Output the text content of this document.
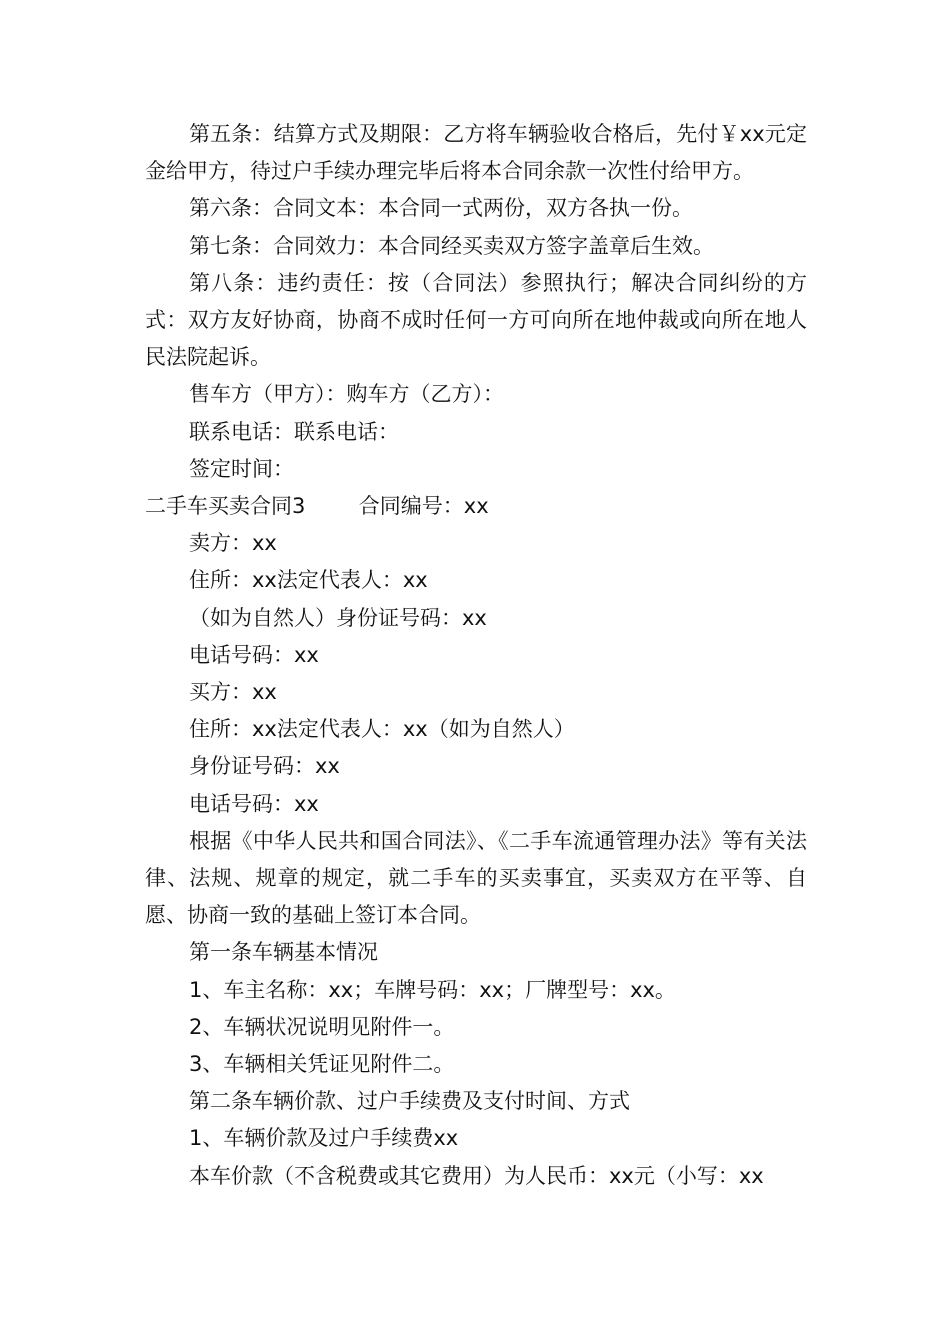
第五条：结算方式及期限：乙方将车辆验收合格后，先付￥xx元定金给甲方，待过户手续办理完毕后将本合同余款一次性付给甲方。

第六条：合同文本：本合同一式两份，双方各执一份。

第七条：合同效力：本合同经买卖双方签字盖章后生效。

第八条：违约责任：按（合同法）参照执行；解决合同纠纷的方式：双方友好协商，协商不成时任何一方可向所在地仲裁或向所在地人民法院起诉。

售车方（甲方）：购车方（乙方）：

联系电话：联系电话：

签定时间：

二手车买卖合同3        合同编号：xx

卖方：xx

住所：xx法定代表人：xx

（如为自然人）身份证号码：xx

电话号码：xx

买方：xx

住所：xx法定代表人：xx（如为自然人）

身份证号码：xx

电话号码：xx

根据《中华人民共和国合同法》、《二手车流通管理办法》等有关法律、法规、规章的规定，就二手车的买卖事宜，买卖双方在平等、自愿、协商一致的基础上签订本合同。

第一条车辆基本情况

1、车主名称：xx；车牌号码：xx；厂牌型号：xx。

2、车辆状况说明见附件一。

3、车辆相关凭证见附件二。

第二条车辆价款、过户手续费及支付时间、方式

1、车辆价款及过户手续费xx

本车价款（不含税费或其它费用）为人民币：xx元（小写：xx
